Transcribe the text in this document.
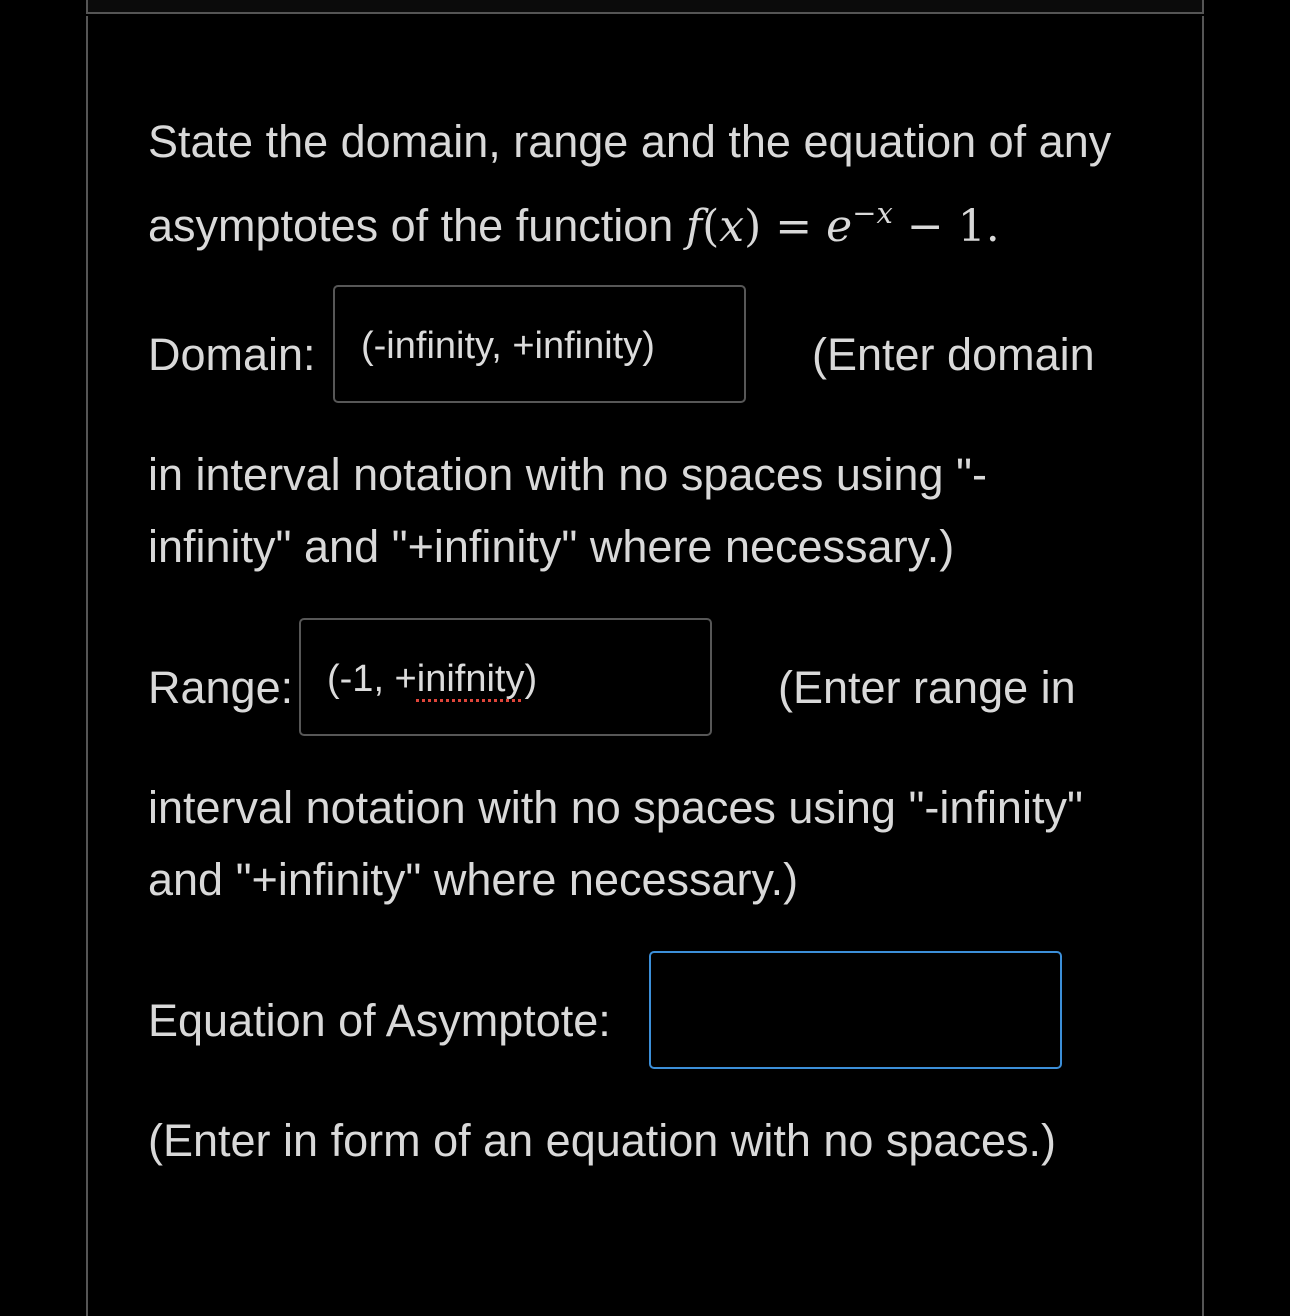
State the domain, range and the equation of any
asymptotes of the function $f(x) = e^{-x} - 1$.
Domain: (-infinity, +infinity)	(Enter domain
in interval notation with no spaces using "-
infinity" and "+infinity" where necessary.)
Range: (-1, +inifnity)	(Enter range in
interval notation with no spaces using "-infinity"
and "+infinity" where necessary.)
Equation of Asymptote:
(Enter in form of an equation with no spaces.)
